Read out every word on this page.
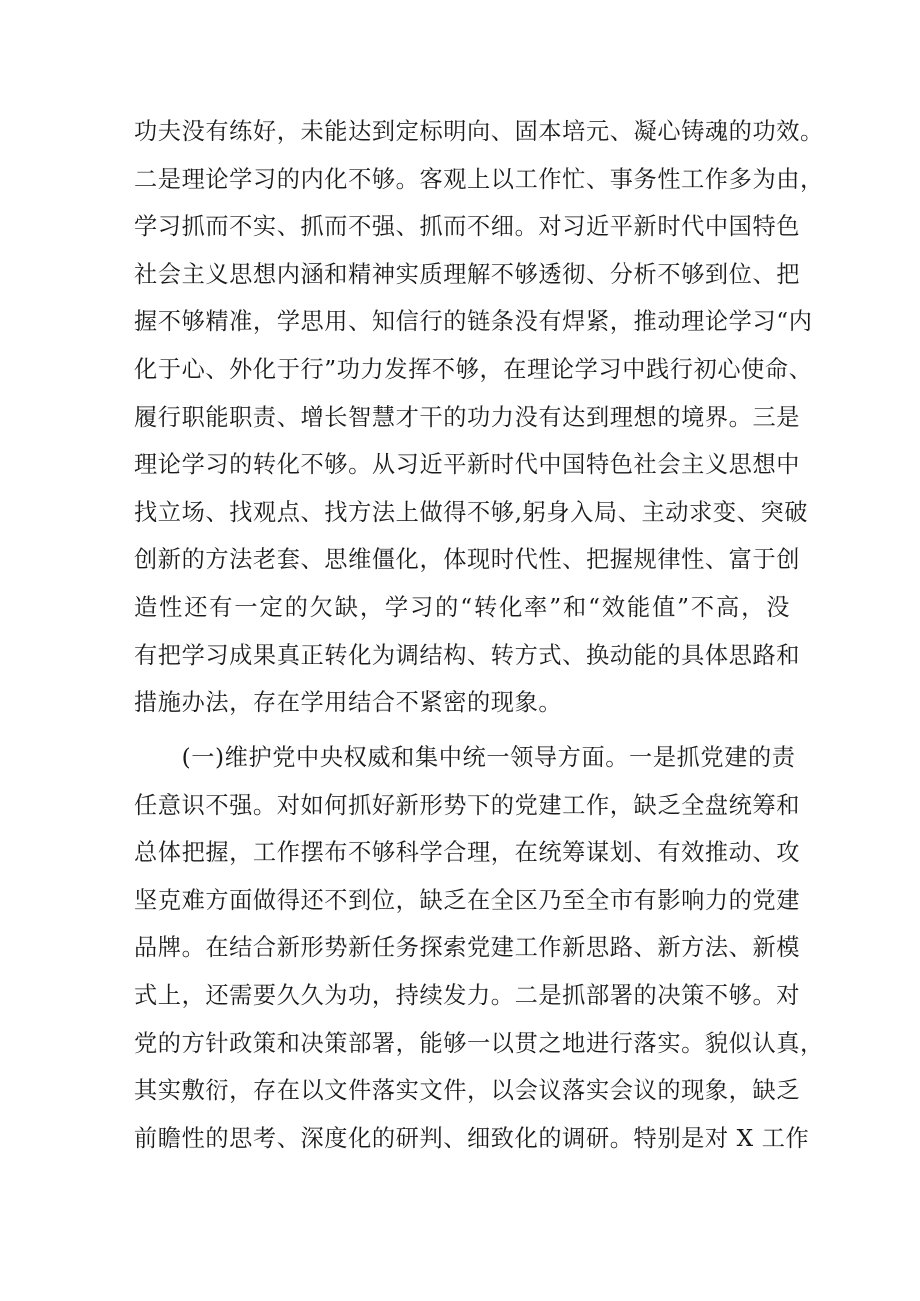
功夫没有练好，未能达到定标明向、固本培元、凝心铸魂的功效。
二是理论学习的内化不够。客观上以工作忙、事务性工作多为由，
学习抓而不实、抓而不强、抓而不细。对习近平新时代中国特色
社会主义思想内涵和精神实质理解不够透彻、分析不够到位、把
握不够精准，学思用、知信行的链条没有焊紧，推动理论学习“内
化于心、外化于行”功力发挥不够，在理论学习中践行初心使命、
履行职能职责、增长智慧才干的功力没有达到理想的境界。三是
理论学习的转化不够。从习近平新时代中国特色社会主义思想中
找立场、找观点、找方法上做得不够,躬身入局、主动求变、突破
创新的方法老套、思维僵化，体现时代性、把握规律性、富于创
造性还有一定的欠缺，学习的“转化率”和“效能值”不高，没
有把学习成果真正转化为调结构、转方式、换动能的具体思路和
措施办法，存在学用结合不紧密的现象。
　　(一)维护党中央权威和集中统一领导方面。一是抓党建的责
任意识不强。对如何抓好新形势下的党建工作，缺乏全盘统筹和
总体把握，工作摆布不够科学合理，在统筹谋划、有效推动、攻
坚克难方面做得还不到位，缺乏在全区乃至全市有影响力的党建
品牌。在结合新形势新任务探索党建工作新思路、新方法、新模
式上，还需要久久为功，持续发力。二是抓部署的决策不够。对
党的方针政策和决策部署，能够一以贯之地进行落实。貌似认真，
其实敷衍，存在以文件落实文件，以会议落实会议的现象，缺乏
前瞻性的思考、深度化的研判、细致化的调研。特别是对 X 工作
